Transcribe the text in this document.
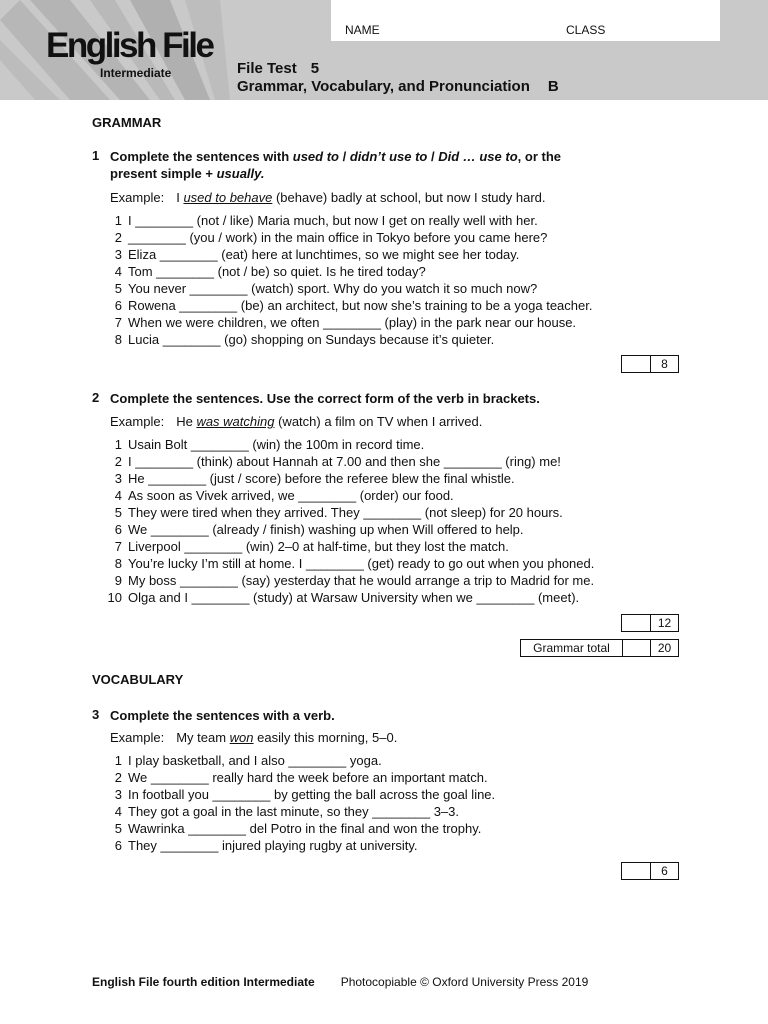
English File
Intermediate
NAME	CLASS
File Test 5
Grammar, Vocabulary, and Pronunciation B
GRAMMAR
1 Complete the sentences with used to / didn’t use to / Did … use to, or the
present simple + usually.
Example: I used to behave (behave) badly at school, but now I study hard.
1 I ________ (not / like) Maria much, but now I get on really well with her.
2 ________ (you / work) in the main office in Tokyo before you came here?
3 Eliza ________ (eat) here at lunchtimes, so we might see her today.
4 Tom ________ (not / be) so quiet. Is he tired today?
5 You never ________ (watch) sport. Why do you watch it so much now?
6 Rowena ________ (be) an architect, but now she’s training to be a yoga teacher.
7 When we were children, we often ________ (play) in the park near our house.
8 Lucia ________ (go) shopping on Sundays because it’s quieter.
8
2 Complete the sentences. Use the correct form of the verb in brackets.
Example: He was watching (watch) a film on TV when I arrived.
1 Usain Bolt ________ (win) the 100m in record time.
2 I ________ (think) about Hannah at 7.00 and then she ________ (ring) me!
3 He ________ (just / score) before the referee blew the final whistle.
4 As soon as Vivek arrived, we ________ (order) our food.
5 They were tired when they arrived. They ________ (not sleep) for 20 hours.
6 We ________ (already / finish) washing up when Will offered to help.
7 Liverpool ________ (win) 2–0 at half-time, but they lost the match.
8 You’re lucky I’m still at home. I ________ (get) ready to go out when you phoned.
9 My boss ________ (say) yesterday that he would arrange a trip to Madrid for me.
10 Olga and I ________ (study) at Warsaw University when we ________ (meet).
12
Grammar total	20
VOCABULARY
3 Complete the sentences with a verb.
Example: My team won easily this morning, 5–0.
1 I play basketball, and I also ________ yoga.
2 We ________ really hard the week before an important match.
3 In football you ________ by getting the ball across the goal line.
4 They got a goal in the last minute, so they ________ 3–3.
5 Wawrinka ________ del Potro in the final and won the trophy.
6 They ________ injured playing rugby at university.
6
English File fourth edition Intermediate Photocopiable © Oxford University Press 2019
